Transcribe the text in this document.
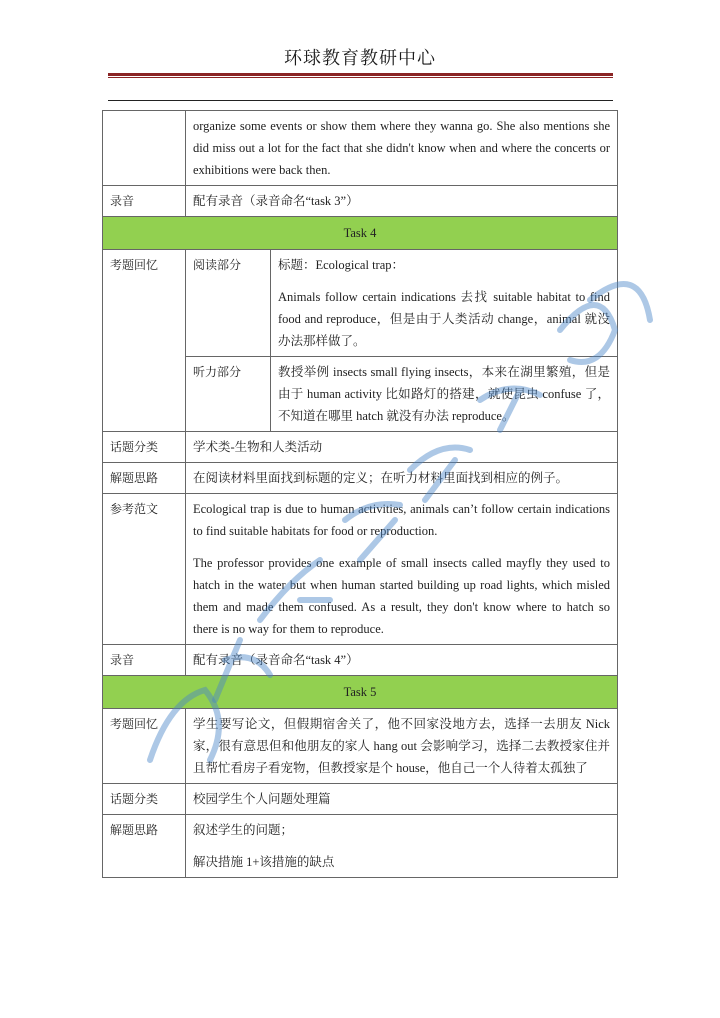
环球教育教研中心
	organize some events or show them where they wanna go. She also mentions she did miss out a lot for the fact that she didn't know when and where the concerts or exhibitions were back then.	
录音	配有录音（录音命名“task 3”）	
Task 4		
考题回忆	阅读部分	标题：Ecological trap：

Animals follow certain indications 去找 suitable habitat to find food and reproduce，但是由于人类活动 change，animal 就没办法那样做了。

	听力部分	教授举例 insects small flying insects，本来在湖里繁殖，但是由于 human activity 比如路灯的搭建，就使昆虫 confuse 了，不知道在哪里 hatch 就没有办法 reproduce。
话题分类	学术类-生物和人类活动	
解题思路	在阅读材料里面找到标题的定义；在听力材料里面找到相应的例子。	
参考范文	Ecological trap is due to human activities, animals can’t follow certain indications to find suitable habitats for food or reproduction.

The professor provides one example of small insects called mayfly they used to hatch in the water but when human started building up road lights, which misled them and made them confused. As a result, they don't know where to hatch so there is no way for them to reproduce.	

录音	配有录音（录音命名“task 4”）	
Task 5		
考题回忆	学生要写论文，但假期宿舍关了，他不回家没地方去，选择一去朋友 Nick 家，很有意思但和他朋友的家人 hang out 会影响学习，选择二去教授家住并且帮忙看房子看宠物，但教授家是个 house，他自己一个人待着太孤独了	
话题分类	校园学生个人问题处理篇	
解题思路	叙述学生的问题；

解决措施 1+该措施的缺点	
